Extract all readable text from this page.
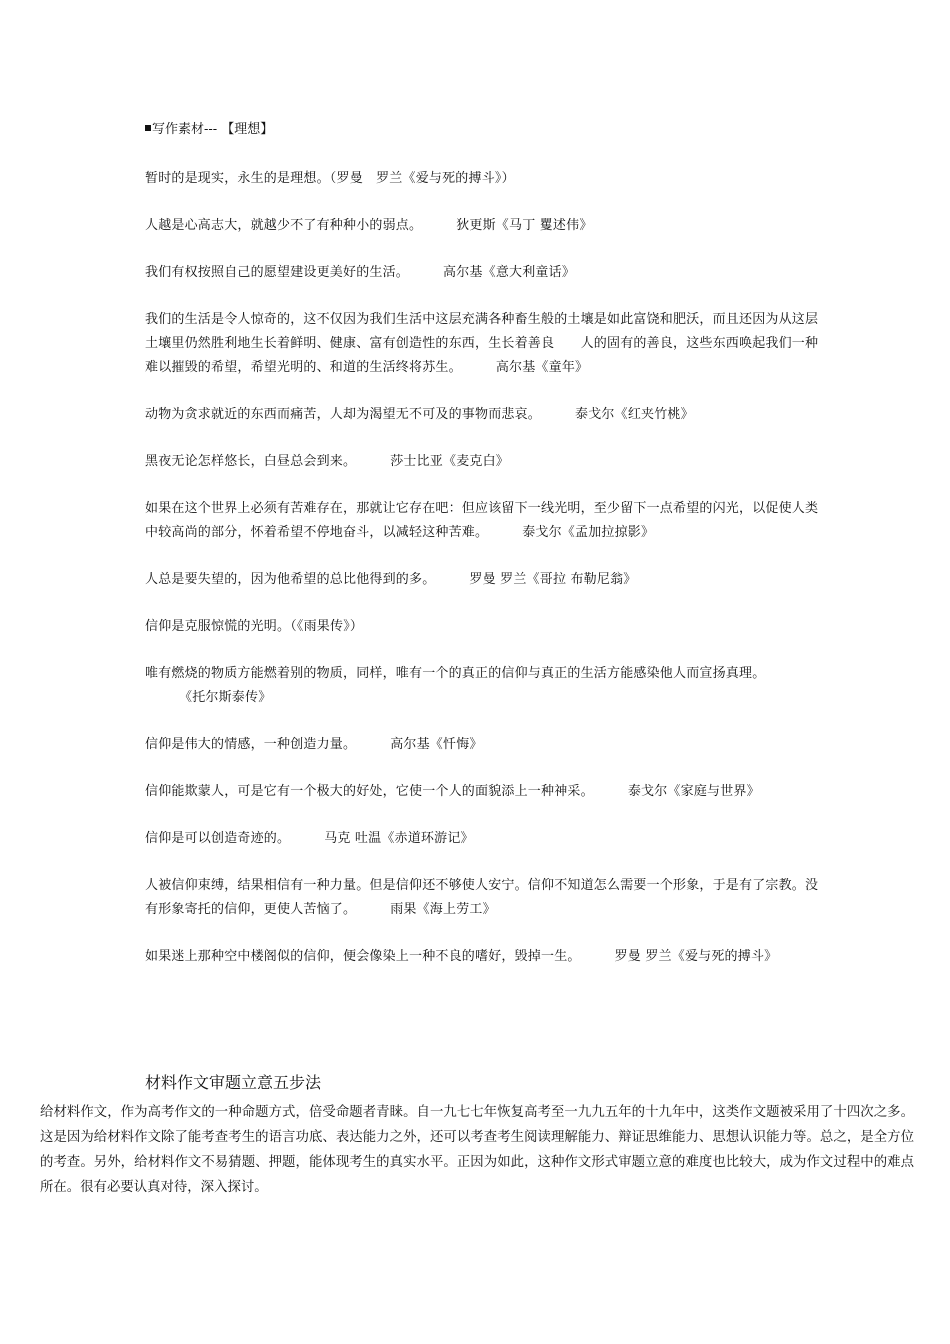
写作素材--- 【理想】

暂时的是现实，永生的是理想。（罗曼　罗兰《爱与死的搏斗》）

人越是心高志大，就越少不了有种种小的弱点。	狄更斯《马丁 矍述伟》

我们有权按照自己的愿望建设更美好的生活。	高尔基《意大利童话》

我们的生活是令人惊奇的，这不仅因为我们生活中这层充满各种畜生般的土壤是如此富饶和肥沃，而且还因为从这层土壤里仍然胜利地生长着鲜明、健康、富有创造性的东西，生长着善良　　人的固有的善良，这些东西唤起我们一种难以摧毁的希望，希望光明的、和道的生活终将苏生。	高尔基《童年》

动物为贪求就近的东西而痛苦，人却为渴望无不可及的事物而悲哀。	泰戈尔《红夹竹桃》

黑夜无论怎样悠长，白昼总会到来。	莎士比亚《麦克白》

如果在这个世界上必须有苦难存在，那就让它存在吧：但应该留下一线光明，至少留下一点希望的闪光，以促使人类中较高尚的部分，怀着希望不停地奋斗，以减轻这种苦难。	泰戈尔《孟加拉掠影》

人总是要失望的，因为他希望的总比他得到的多。	罗曼 罗兰《哥拉 布勒尼翁》

信仰是克服惊慌的光明。（《雨果传》）

唯有燃烧的物质方能燃着别的物质，同样，唯有一个的真正的信仰与真正的生活方能感染他人而宣扬真理。《托尔斯泰传》

信仰是伟大的情感，一种创造力量。	高尔基《忏悔》

信仰能欺蒙人，可是它有一个极大的好处，它使一个人的面貌添上一种神采。	泰戈尔《家庭与世界》

信仰是可以创造奇迹的。	马克 吐温《赤道环游记》

人被信仰束缚，结果相信有一种力量。但是信仰还不够使人安宁。信仰不知道怎么需要一个形象，于是有了宗教。没有形象寄托的信仰，更使人苦恼了。	雨果《海上劳工》

如果迷上那种空中楼阁似的信仰，便会像染上一种不良的嗜好，毁掉一生。	罗曼 罗兰《爱与死的搏斗》

材料作文审题立意五步法
给材料作文，作为高考作文的一种命题方式，倍受命题者青睐。自一九七七年恢复高考至一九九五年的十九年中，这类作文题被采用了十四次之多。这是因为给材料作文除了能考查考生的语言功底、表达能力之外，还可以考查考生阅读理解能力、辩证思维能力、思想认识能力等。总之，是全方位的考查。另外，给材料作文不易猜题、押题，能体现考生的真实水平。正因为如此，这种作文形式审题立意的难度也比较大，成为作文过程中的难点所在。很有必要认真对待，深入探讨。
